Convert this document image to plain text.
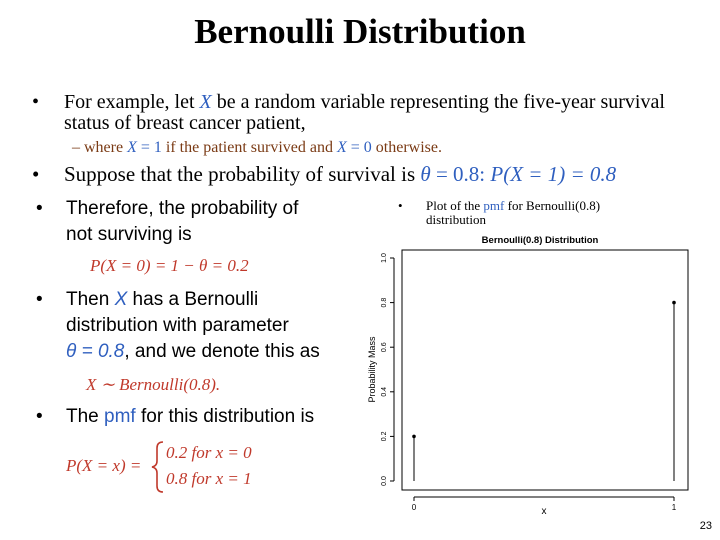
Bernoulli Distribution
• For example, let X be a random variable representing the five-year survival status of breast cancer patient,
– where X = 1 if the patient survived and X = 0 otherwise.
• Suppose that the probability of survival is θ = 0.8: P(X = 1) = 0.8
• Therefore, the probability of
not surviving is
P(X = 0) = 1 − θ = 0.2
• Then X has a Bernoulli
distribution with parameter
θ = 0.8, and we denote this as
X ∼ Bernoulli(0.8).
• The pmf for this distribution is
P(X = x) =
0.2 for x = 0
0.8 for x = 1
• Plot of the pmf for Bernoulli(0.8) distribution
Bernoulli(0.8) Distribution
0.0
0.2
0.4
0.6
0.8
1.0
0	1
Probability Mass
x
23
